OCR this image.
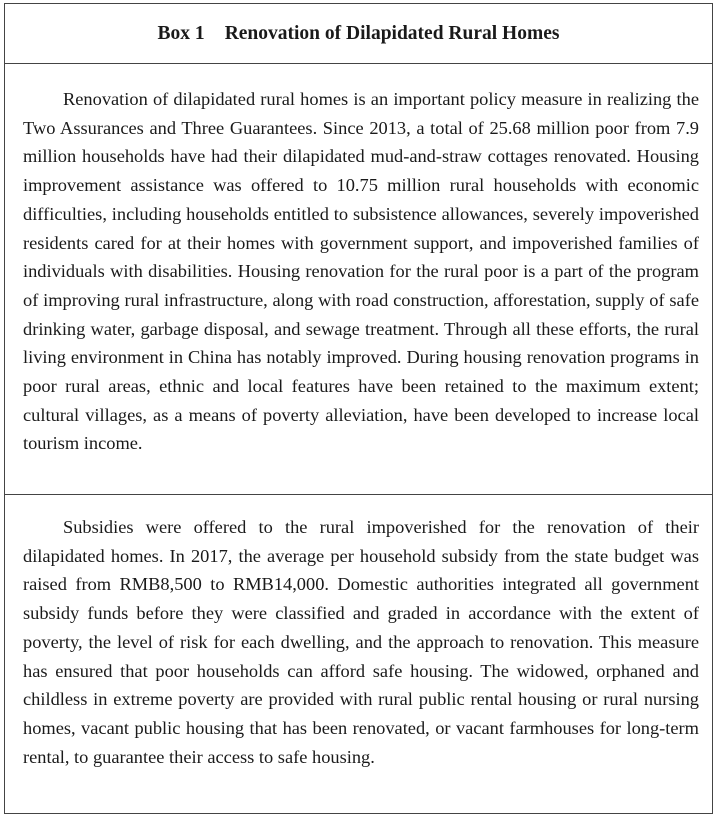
Box 1 Renovation of Dilapidated Rural Homes

Renovation of dilapidated rural homes is an important policy measure in realizing the Two Assurances and Three Guarantees. Since 2013, a total of 25.68 million poor from 7.9 million households have had their dilapidated mud-and-straw cottages renovated. Housing improvement assistance was offered to 10.75 million rural households with economic difficulties, including households entitled to subsistence allowances, severely impoverished residents cared for at their homes with government support, and impoverished families of individuals with disabilities. Housing renovation for the rural poor is a part of the program of improving rural infrastructure, along with road construction, afforestation, supply of safe drinking water, garbage disposal, and sewage treatment. Through all these efforts, the rural living environment in China has notably improved. During housing renovation programs in poor rural areas, ethnic and local features have been retained to the maximum extent; cultural villages, as a means of poverty alleviation, have been developed to increase local tourism income.

Subsidies were offered to the rural impoverished for the renovation of their dilapidated homes. In 2017, the average per household subsidy from the state budget was raised from RMB8,500 to RMB14,000. Domestic authorities integrated all government subsidy funds before they were classified and graded in accordance with the extent of poverty, the level of risk for each dwelling, and the approach to renovation. This measure has ensured that poor households can afford safe housing. The widowed, orphaned and childless in extreme poverty are provided with rural public rental housing or rural nursing homes, vacant public housing that has been renovated, or vacant farmhouses for long-term rental, to guarantee their access to safe housing.
